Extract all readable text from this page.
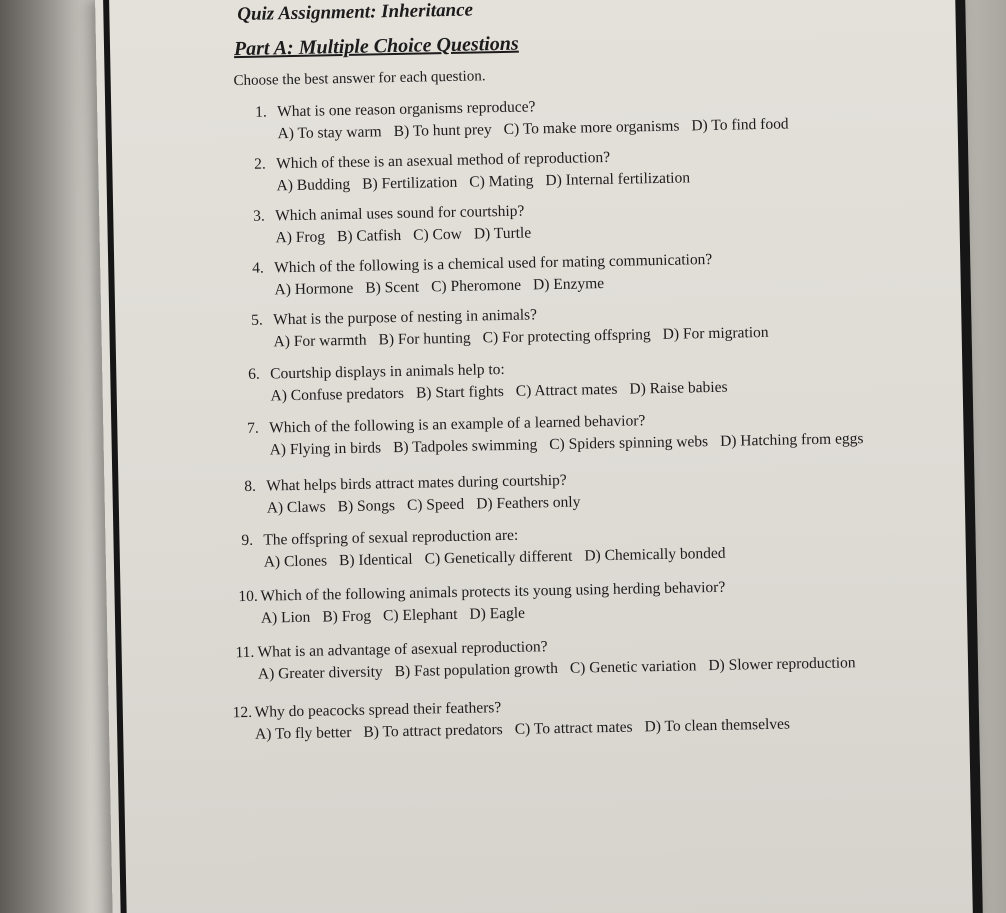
Quiz Assignment: Inheritance
Part A: Multiple Choice Questions
Choose the best answer for each question.
1. What is one reason organisms reproduce?
A) To stay warm B) To hunt prey C) To make more organisms D) To find food
2. Which of these is an asexual method of reproduction?
A) Budding B) Fertilization C) Mating D) Internal fertilization
3. Which animal uses sound for courtship?
A) Frog B) Catfish C) Cow D) Turtle
4. Which of the following is a chemical used for mating communication?
A) Hormone B) Scent C) Pheromone D) Enzyme
5. What is the purpose of nesting in animals?
A) For warmth B) For hunting C) For protecting offspring D) For migration
6. Courtship displays in animals help to:
A) Confuse predators B) Start fights C) Attract mates D) Raise babies
7. Which of the following is an example of a learned behavior?
A) Flying in birds B) Tadpoles swimming C) Spiders spinning webs D) Hatching from eggs
8. What helps birds attract mates during courtship?
A) Claws B) Songs C) Speed D) Feathers only
9. The offspring of sexual reproduction are:
A) Clones B) Identical C) Genetically different D) Chemically bonded
10. Which of the following animals protects its young using herding behavior?
A) Lion B) Frog C) Elephant D) Eagle
11. What is an advantage of asexual reproduction?
A) Greater diversity B) Fast population growth C) Genetic variation D) Slower reproduction
12. Why do peacocks spread their feathers?
A) To fly better B) To attract predators C) To attract mates D) To clean themselves
